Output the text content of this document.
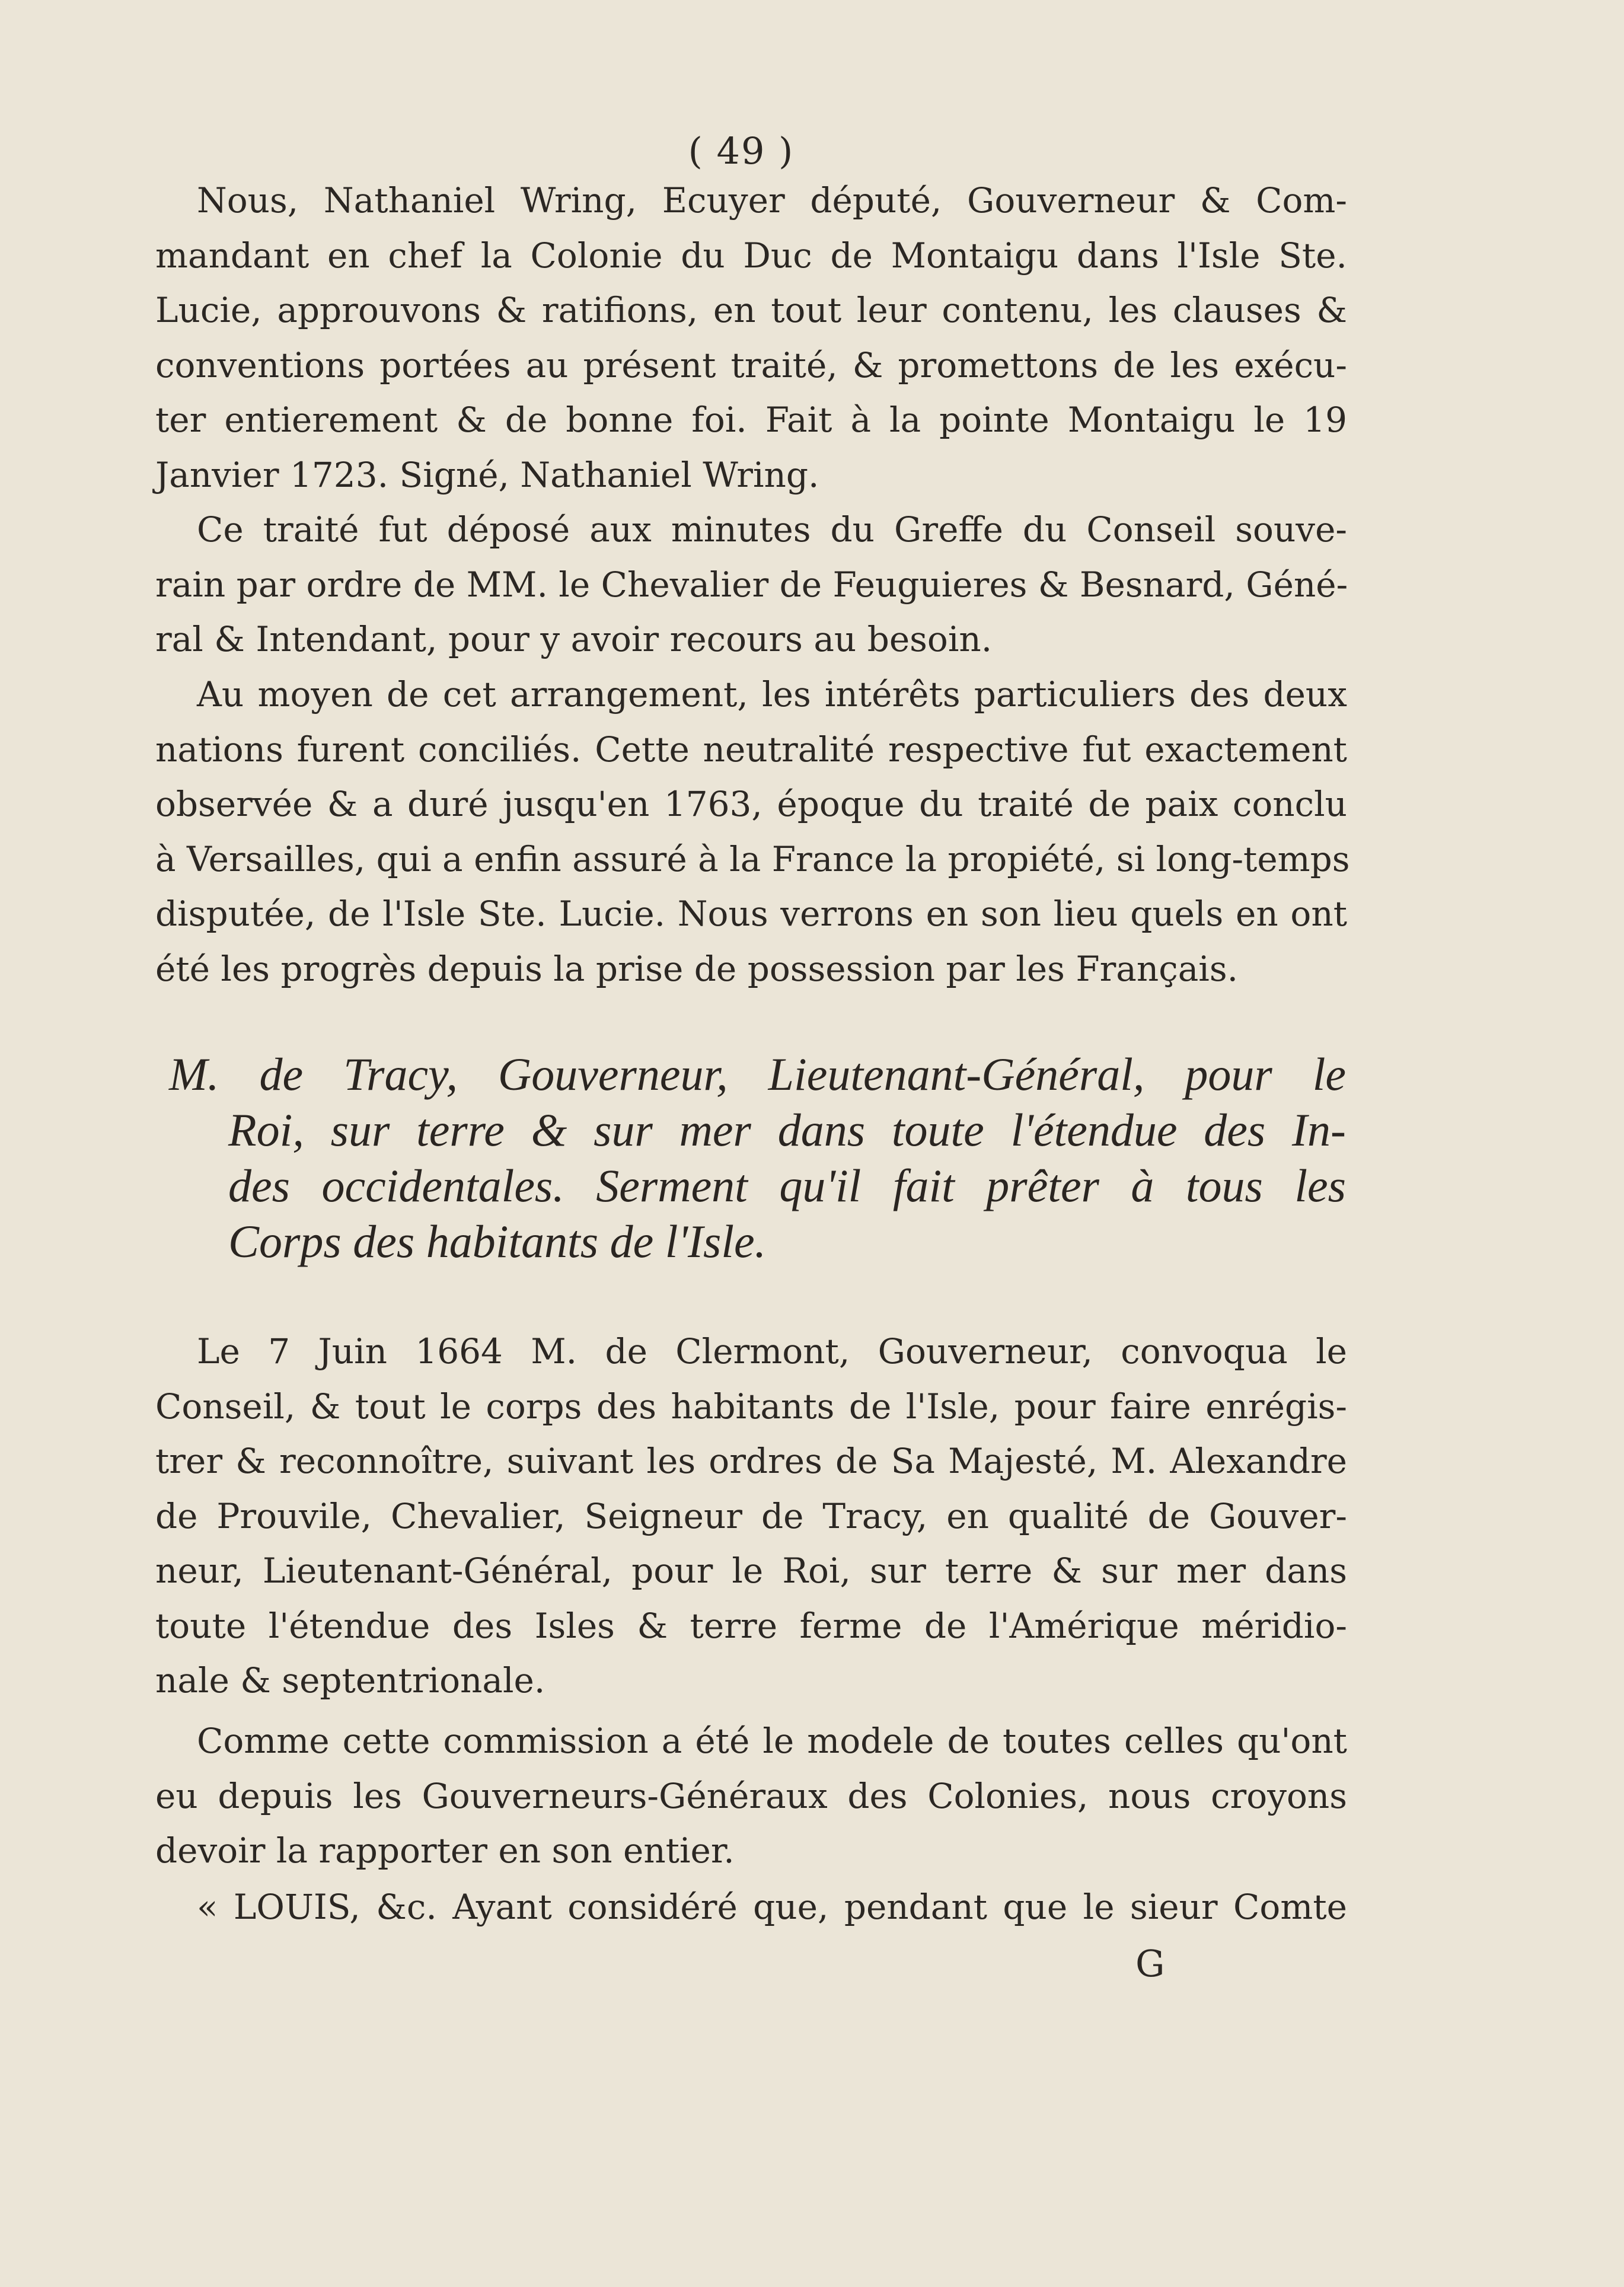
( 49 )
Nous, Nathaniel Wring, Ecuyer député, Gouverneur & Com-
mandant en chef la Colonie du Duc de Montaigu dans l'Isle Ste.
Lucie, approuvons & ratifions, en tout leur contenu, les clauses &
conventions portées au présent traité, & promettons de les exécu-
ter entierement & de bonne foi. Fait à la pointe Montaigu le 19
Janvier 1723. Signé, Nathaniel Wring.
Ce traité fut déposé aux minutes du Greffe du Conseil souve-
rain par ordre de MM. le Chevalier de Feuguieres & Besnard, Géné-
ral & Intendant, pour y avoir recours au besoin.
Au moyen de cet arrangement, les intérêts particuliers des deux
nations furent conciliés. Cette neutralité respective fut exactement
observée & a duré jusqu'en 1763, époque du traité de paix conclu
à Versailles, qui a enfin assuré à la France la propiété, si long-temps
disputée, de l'Isle Ste. Lucie. Nous verrons en son lieu quels en ont
été les progrès depuis la prise de possession par les Français.
M. de Tracy, Gouverneur, Lieutenant-Général, pour le
Roi, sur terre & sur mer dans toute l'étendue des In-
des occidentales. Serment qu'il fait prêter à tous les
Corps des habitants de l'Isle.
Le 7 Juin 1664 M. de Clermont, Gouverneur, convoqua le
Conseil, & tout le corps des habitants de l'Isle, pour faire enrégis-
trer & reconnoître, suivant les ordres de Sa Majesté, M. Alexandre
de Prouvile, Chevalier, Seigneur de Tracy, en qualité de Gouver-
neur, Lieutenant-Général, pour le Roi, sur terre & sur mer dans
toute l'étendue des Isles & terre ferme de l'Amérique méridio-
nale & septentrionale.
Comme cette commission a été le modele de toutes celles qu'ont
eu depuis les Gouverneurs-Généraux des Colonies, nous croyons
devoir la rapporter en son entier.
« LOUIS, &c. Ayant considéré que, pendant que le sieur Comte
G
